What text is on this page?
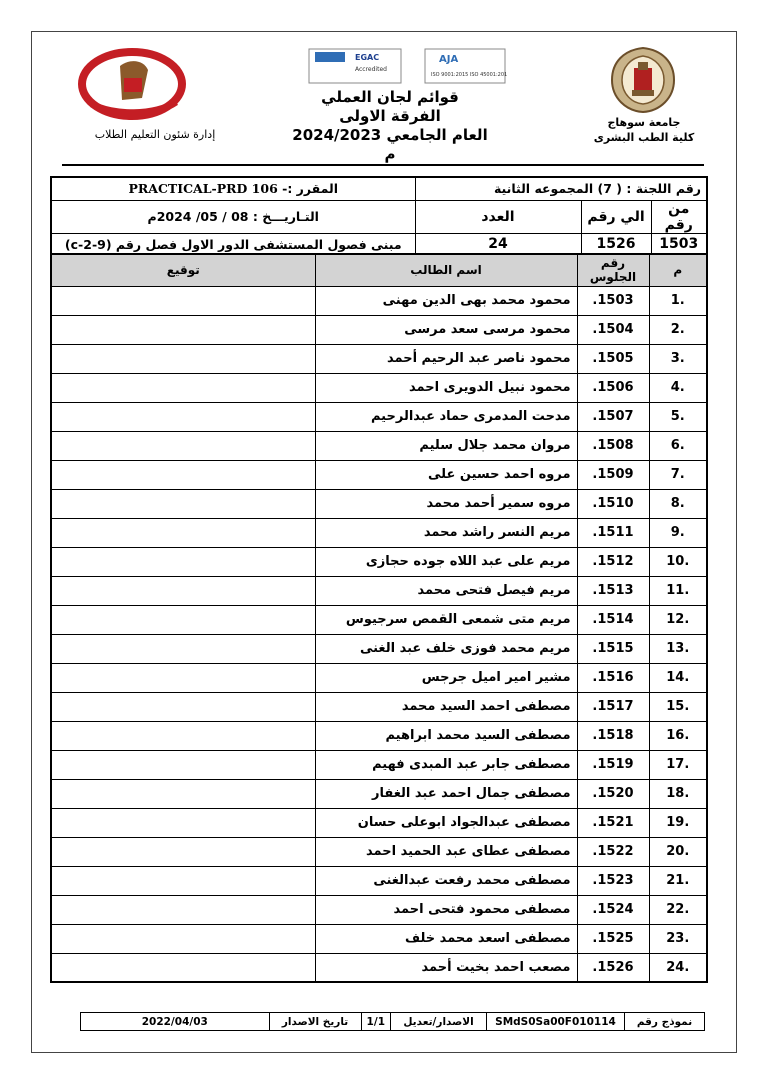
جامعة سوهاج
كلية الطب البشرى
إدارة شئون التعليم الطلاب
EGAC
Accredited
AJA
ISO 9001:2015 ISO 45001:2018
قوائم لجان العملي
الفرقة الاولى
العام الجامعي 2024/2023 م
رقم اللجنة : ( 7) المجموعه الثانية			المقرر :- PRACTICAL-PRD 106
من رقم	الي رقم	العدد	التـاريـــخ : 08 / 05/ 2024م
1503	1526	24	مبنى فصول المستشفى الدور الاول فصل رقم (9-2-c)
م	رقم الجلوس	اسم الطالب	توقيع
.1	1503.	محمود محمد بهى الدين مهنى	
.2	1504.	محمود مرسى سعد مرسى	
.3	1505.	محمود ناصر عبد الرحيم أحمد	
.4	1506.	محمود نبيل الدويرى احمد	
.5	1507.	مدحت المدمرى حماد عبدالرحيم	
.6	1508.	مروان محمد جلال سليم	
.7	1509.	مروه احمد حسين على	
.8	1510.	مروه سمير أحمد محمد	
.9	1511.	مريم النسر راشد محمد	
.10	1512.	مريم على عبد اللاه جوده حجازى	
.11	1513.	مريم فيصل فتحى محمد	
.12	1514.	مريم متى شمعى القمص سرجيوس	
.13	1515.	مريم محمد فوزى خلف عبد الغنى	
.14	1516.	مشير امير اميل جرجس	
.15	1517.	مصطفى احمد السيد محمد	
.16	1518.	مصطفى السيد محمد ابراهيم	
.17	1519.	مصطفى جابر عبد المبدى فهيم	
.18	1520.	مصطفى جمال احمد عبد الغفار	
.19	1521.	مصطفى عبدالجواد ابوعلى حسان	
.20	1522.	مصطفى عطاى عبد الحميد احمد	
.21	1523.	مصطفى محمد رفعت عبدالغنى	
.22	1524.	مصطفى محمود فتحى احمد	
.23	1525.	مصطفى اسعد محمد خلف	
.24	1526.	مصعب احمد بخيت أحمد	
نموذج رقم	SMdS0Sa00F010114	الاصدار/تعديل	1/1	تاريخ الاصدار	2022/04/03
